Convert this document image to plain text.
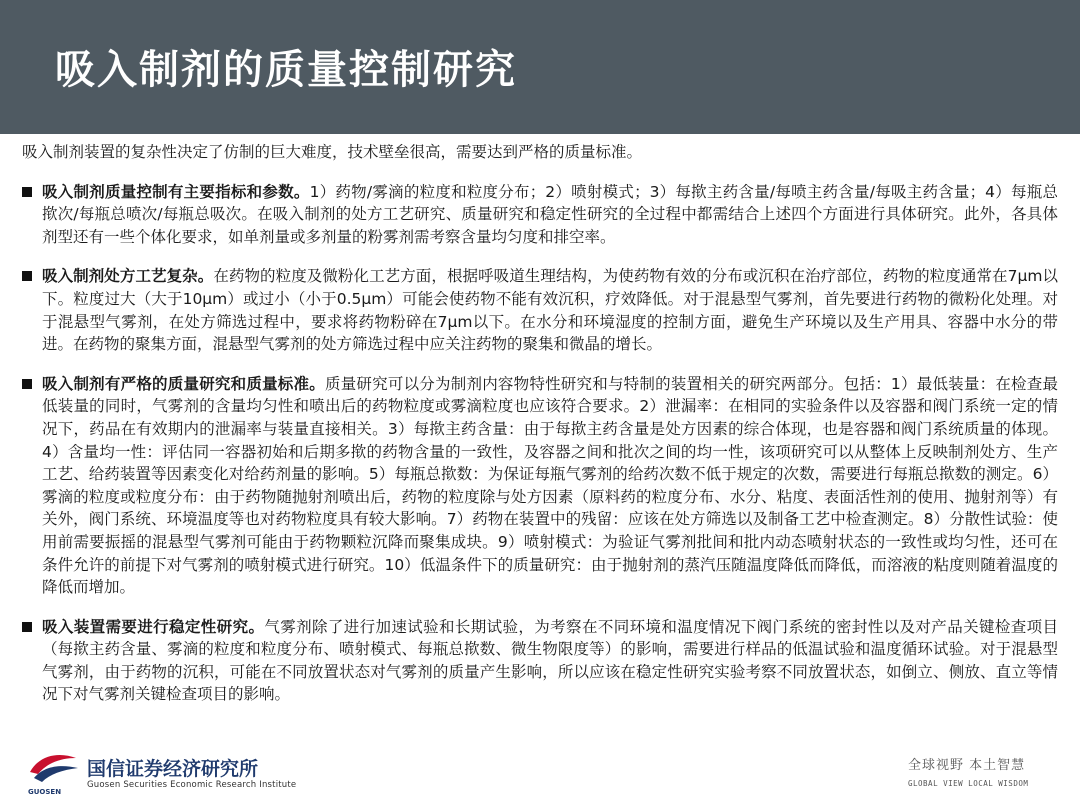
吸入制剂的质量控制研究

吸入制剂装置的复杂性决定了仿制的巨大难度，技术壁垒很高，需要达到严格的质量标准。

吸入制剂质量控制有主要指标和参数。1）药物/雾滴的粒度和粒度分布；2）喷射模式；3）每揿主药含量/每喷主药含量/每吸主药含量；4）每瓶总揿次/每瓶总喷次/每瓶总吸次。在吸入制剂的处方工艺研究、质量研究和稳定性研究的全过程中都需结合上述四个方面进行具体研究。此外，各具体剂型还有一些个体化要求，如单剂量或多剂量的粉雾剂需考察含量均匀度和排空率。
吸入制剂处方工艺复杂。在药物的粒度及微粉化工艺方面，根据呼吸道生理结构，为使药物有效的分布或沉积在治疗部位，药物的粒度通常在7μm以下。粒度过大（大于10μm）或过小（小于0.5μm）可能会使药物不能有效沉积，疗效降低。对于混悬型气雾剂，首先要进行药物的微粉化处理。对于混悬型气雾剂，在处方筛选过程中，要求将药物粉碎在7μm以下。在水分和环境湿度的控制方面，避免生产环境以及生产用具、容器中水分的带进。在药物的聚集方面，混悬型气雾剂的处方筛选过程中应关注药物的聚集和微晶的增长。
吸入制剂有严格的质量研究和质量标准。质量研究可以分为制剂内容物特性研究和与特制的装置相关的研究两部分。包括：1）最低装量：在检查最低装量的同时，气雾剂的含量均匀性和喷出后的药物粒度或雾滴粒度也应该符合要求。2）泄漏率：在相同的实验条件以及容器和阀门系统一定的情况下，药品在有效期内的泄漏率与装量直接相关。3）每揿主药含量：由于每揿主药含量是处方因素的综合体现，也是容器和阀门系统质量的体现。4）含量均一性：评估同一容器初始和后期多揿的药物含量的一致性，及容器之间和批次之间的均一性，该项研究可以从整体上反映制剂处方、生产工艺、给药装置等因素变化对给药剂量的影响。5）每瓶总揿数：为保证每瓶气雾剂的给药次数不低于规定的次数，需要进行每瓶总揿数的测定。6）雾滴的粒度或粒度分布：由于药物随抛射剂喷出后，药物的粒度除与处方因素（原料药的粒度分布、水分、粘度、表面活性剂的使用、抛射剂等）有关外，阀门系统、环境温度等也对药物粒度具有较大影响。7）药物在装置中的残留：应该在处方筛选以及制备工艺中检查测定。8）分散性试验：使用前需要振摇的混悬型气雾剂可能由于药物颗粒沉降而聚集成块。9）喷射模式：为验证气雾剂批间和批内动态喷射状态的一致性或均匀性，还可在条件允许的前提下对气雾剂的喷射模式进行研究。10）低温条件下的质量研究：由于抛射剂的蒸汽压随温度降低而降低，而溶液的粘度则随着温度的降低而增加。
吸入装置需要进行稳定性研究。气雾剂除了进行加速试验和长期试验，为考察在不同环境和温度情况下阀门系统的密封性以及对产品关键检查项目（每揿主药含量、雾滴的粒度和粒度分布、喷射模式、每瓶总揿数、微生物限度等）的影响，需要进行样品的低温试验和温度循环试验。对于混悬型气雾剂，由于药物的沉积，可能在不同放置状态对气雾剂的质量产生影响，所以应该在稳定性研究实验考察不同放置状态，如倒立、侧放、直立等情况下对气雾剂关键检查项目的影响。
GUOSEN
国信证券经济研究所
Guosen Securities Economic Research Institute
全球视野 本土智慧
GLOBAL VIEW LOCAL WISDOM
